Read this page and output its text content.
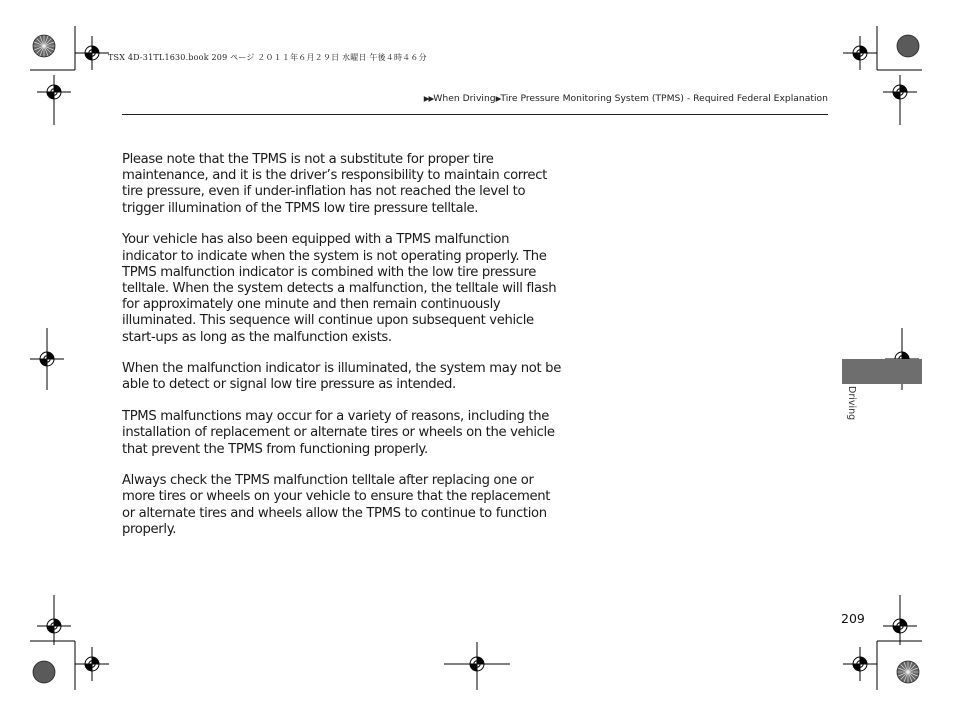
TSX 4D-31TL1630.book 209 ページ ２０１１年６月２９日 水曜日 午後４時４６分
▶▶When Driving▶Tire Pressure Monitoring System (TPMS) - Required Federal Explanation

Please note that the TPMS is not a substitute for proper tire maintenance, and it is the driver’s responsibility to maintain correct tire pressure, even if under-inflation has not reached the level to trigger illumination of the TPMS low tire pressure telltale.

Your vehicle has also been equipped with a TPMS malfunction indicator to indicate when the system is not operating properly. The TPMS malfunction indicator is combined with the low tire pressure telltale. When the system detects a malfunction, the telltale will flash for approximately one minute and then remain continuously illuminated. This sequence will continue upon subsequent vehicle start-ups as long as the malfunction exists.

When the malfunction indicator is illuminated, the system may not be able to detect or signal low tire pressure as intended.

TPMS malfunctions may occur for a variety of reasons, including the installation of replacement or alternate tires or wheels on the vehicle that prevent the TPMS from functioning properly.

Always check the TPMS malfunction telltale after replacing one or more tires or wheels on your vehicle to ensure that the replacement or alternate tires and wheels allow the TPMS to continue to function properly.

Driving
209
